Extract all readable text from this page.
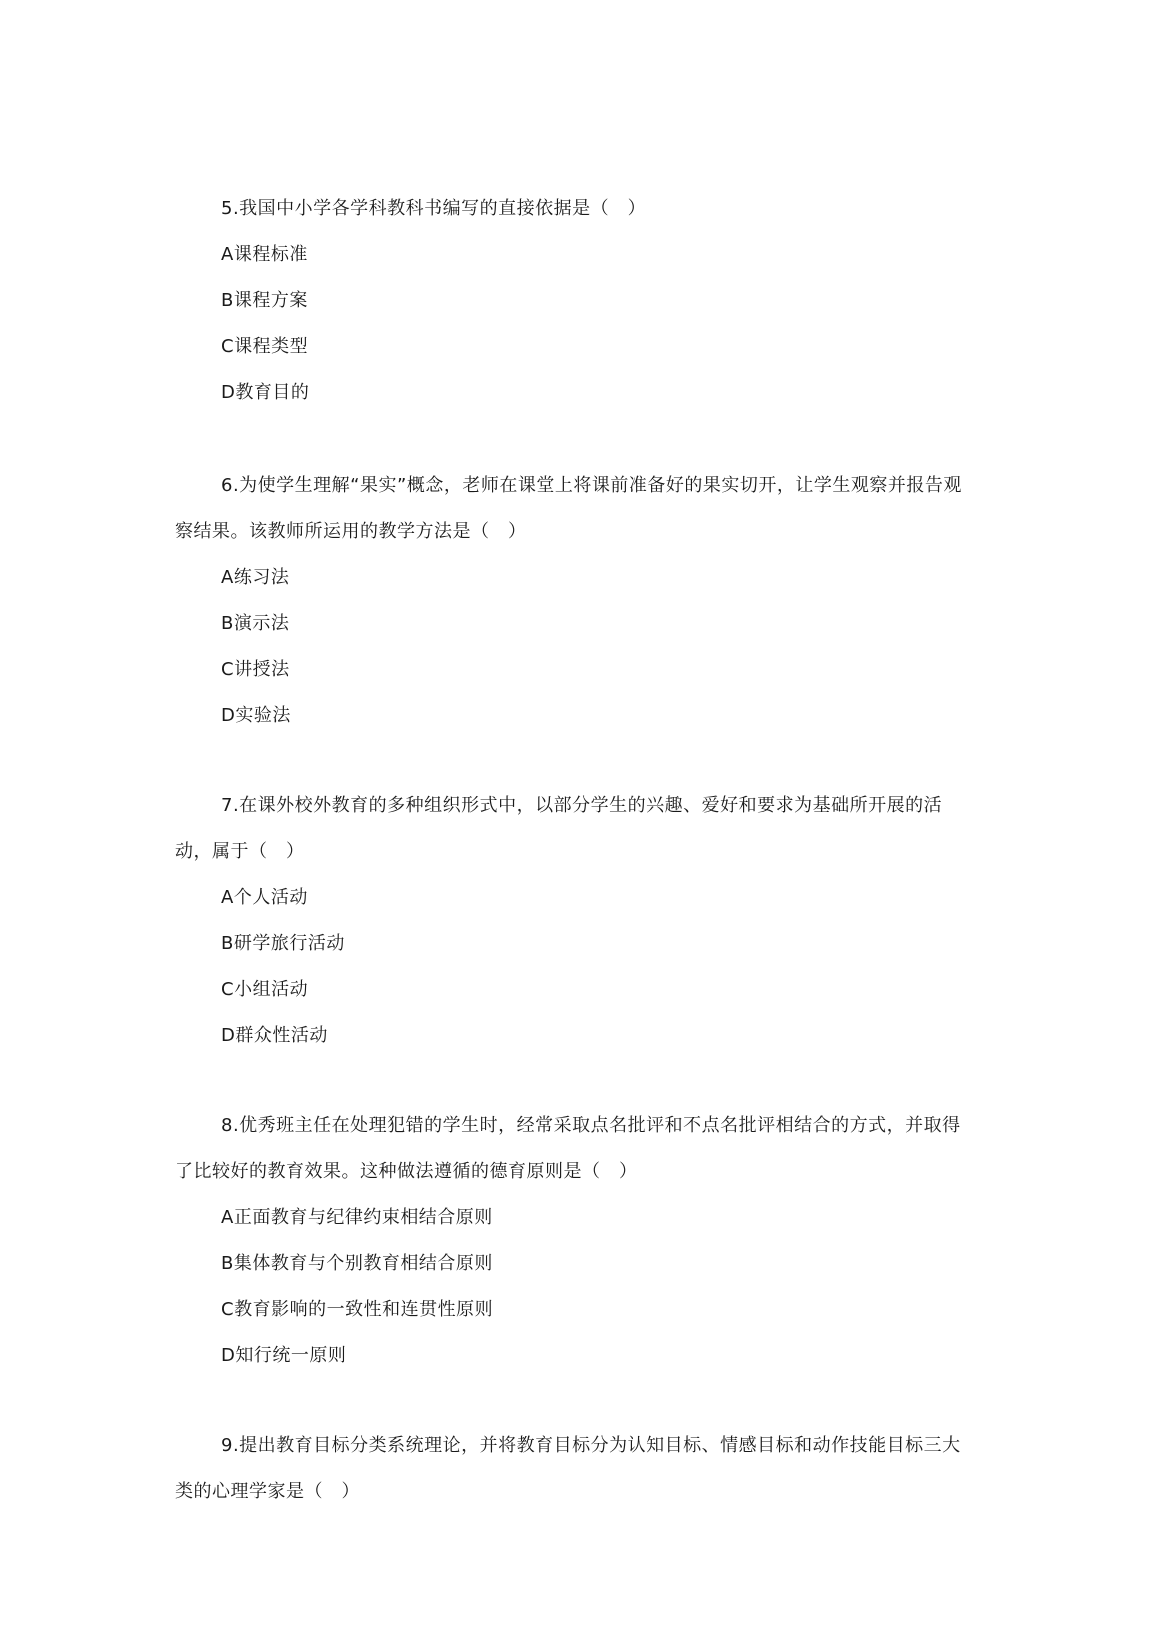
5.我国中小学各学科教科书编写的直接依据是（　）

A课程标准

B课程方案

C课程类型

D教育目的

6.为使学生理解“果实”概念，老师在课堂上将课前准备好的果实切开，让学生观察并报告观察结果。该教师所运用的教学方法是（　）

A练习法

B演示法

C讲授法

D实验法

7.在课外校外教育的多种组织形式中，以部分学生的兴趣、爱好和要求为基础所开展的活动，属于（　）

A个人活动

B研学旅行活动

C小组活动

D群众性活动

8.优秀班主任在处理犯错的学生时，经常采取点名批评和不点名批评相结合的方式，并取得了比较好的教育效果。这种做法遵循的德育原则是（　）

A正面教育与纪律约束相结合原则

B集体教育与个别教育相结合原则

C教育影响的一致性和连贯性原则

D知行统一原则

9.提出教育目标分类系统理论，并将教育目标分为认知目标、情感目标和动作技能目标三大类的心理学家是（　）
